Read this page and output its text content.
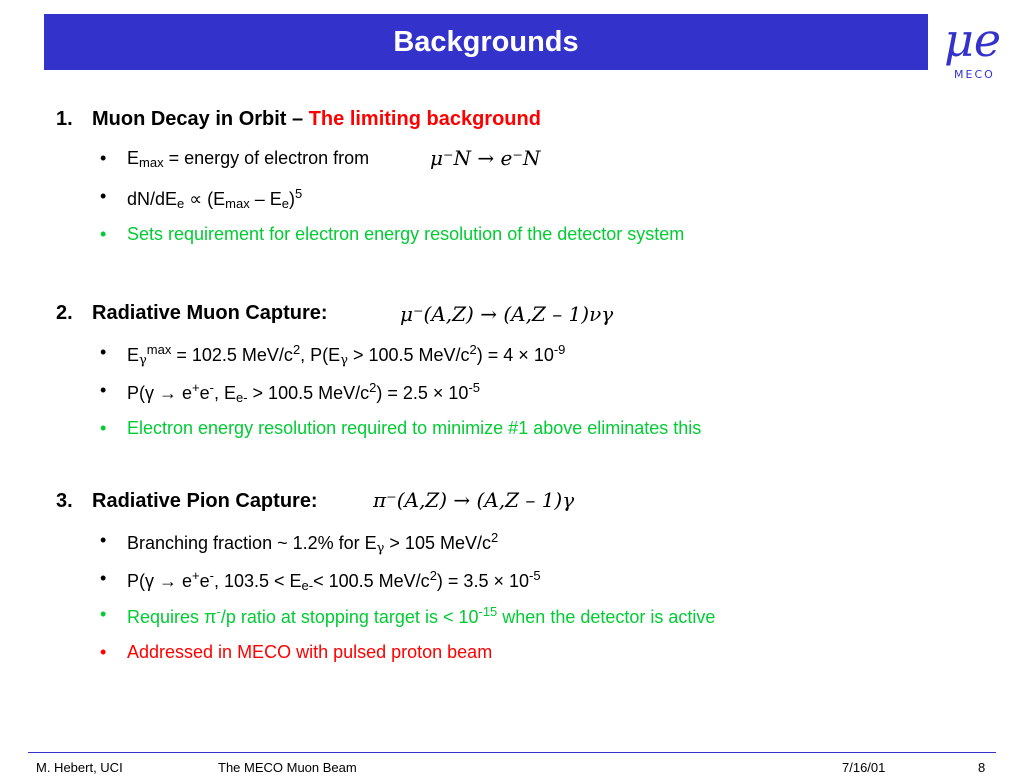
Backgrounds	μe
MECO
1. Muon Decay in Orbit – The limiting background
• $E_{max}$ = energy of electron from	μ⁻N → e⁻N
• $dN/dE_e \propto (E_{max} - E_e)^5$
• Sets requirement for electron energy resolution of the detector system
2. Radiative Muon Capture:	μ⁻(A,Z) → (A,Z – 1)νγ
• $E_\gamma^{max} = 102.5$ MeV/$c^2$, $P(E_\gamma > 100.5$ MeV/$c^2) = 4 \times 10^{-9}$
• P(γ → e+e-, $E_{e-} > 100.5$ MeV/$c^2) = 2.5 \times 10^{-5}$
• Electron energy resolution required to minimize #1 above eliminates this
3. Radiative Pion Capture:	π⁻(A,Z) → (A,Z – 1)γ
• Branching fraction ~ 1.2% for $E_\gamma > 105$ MeV/$c^2$
• P(γ → e+e-, $103.5 < E_{e-}< 100.5$ MeV/$c^2) = 3.5 \times 10^{-5}$
• Requires π-/p ratio at stopping target is < $10^{-15}$ when the detector is active
• Addressed in MECO with pulsed proton beam
M. Hebert, UCI	The MECO Muon Beam	7/16/01	8
